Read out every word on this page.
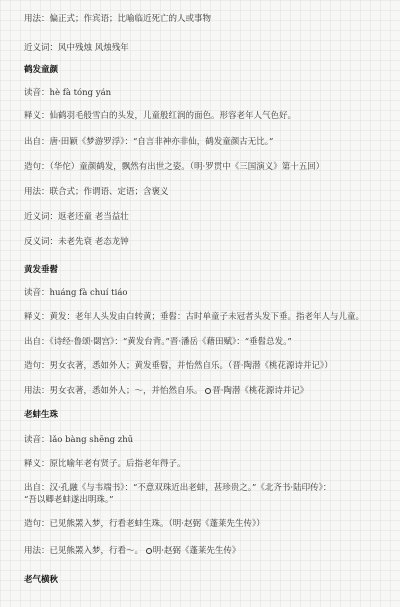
用法：偏正式；作宾语；比喻临近死亡的人或事物
近义词：风中残烛 风烛残年
鹤发童颜
读音：hè fà tóng yán
释义：仙鹤羽毛般雪白的头发，儿童般红润的面色。形容老年人气色好。
出自：唐·田颖《梦游罗浮》：“自言非神亦非仙，鹤发童颜古无比。”
造句：（华佗）童颜鹤发，飘然有出世之姿。（明·罗贯中《三国演义》第十五回）
用法：联合式；作谓语、定语；含褒义
近义词：返老还童 老当益壮
反义词：未老先衰 老态龙钟
黄发垂髫
读音：huáng fà chuí tiáo
释义：黄发：老年人头发由白转黄；垂髫：古时单童子未冠者头发下垂。指老年人与儿童。
出自：《诗经·鲁颂·閟宫》：“黄发台背。”晋·潘岳《藉田赋》：“垂髫总发。”
造句：男女衣著，悉如外人；黄发垂髫，并怡然自乐。（晋·陶潜《桃花源诗并记》）
用法：男女衣著，悉如外人；～，并怡然自乐。 晋·陶潜《桃花源诗并记》
老蚌生珠
读音：lǎo bàng shēng zhū
释义：原比喻年老有贤子。后指老年得子。
出自：汉·孔融《与韦端书》：“不意双珠近出老蚌，甚珍贵之。”《北齐书·陆印传》：
“吾以卿老蚌遂出明珠。”
造句：已见熊罴入梦，行看老蚌生珠。（明·赵弼《蓬莱先生传》）
用法：已见熊罴入梦，行看～。 明·赵弼《蓬莱先生传》
老气横秋
